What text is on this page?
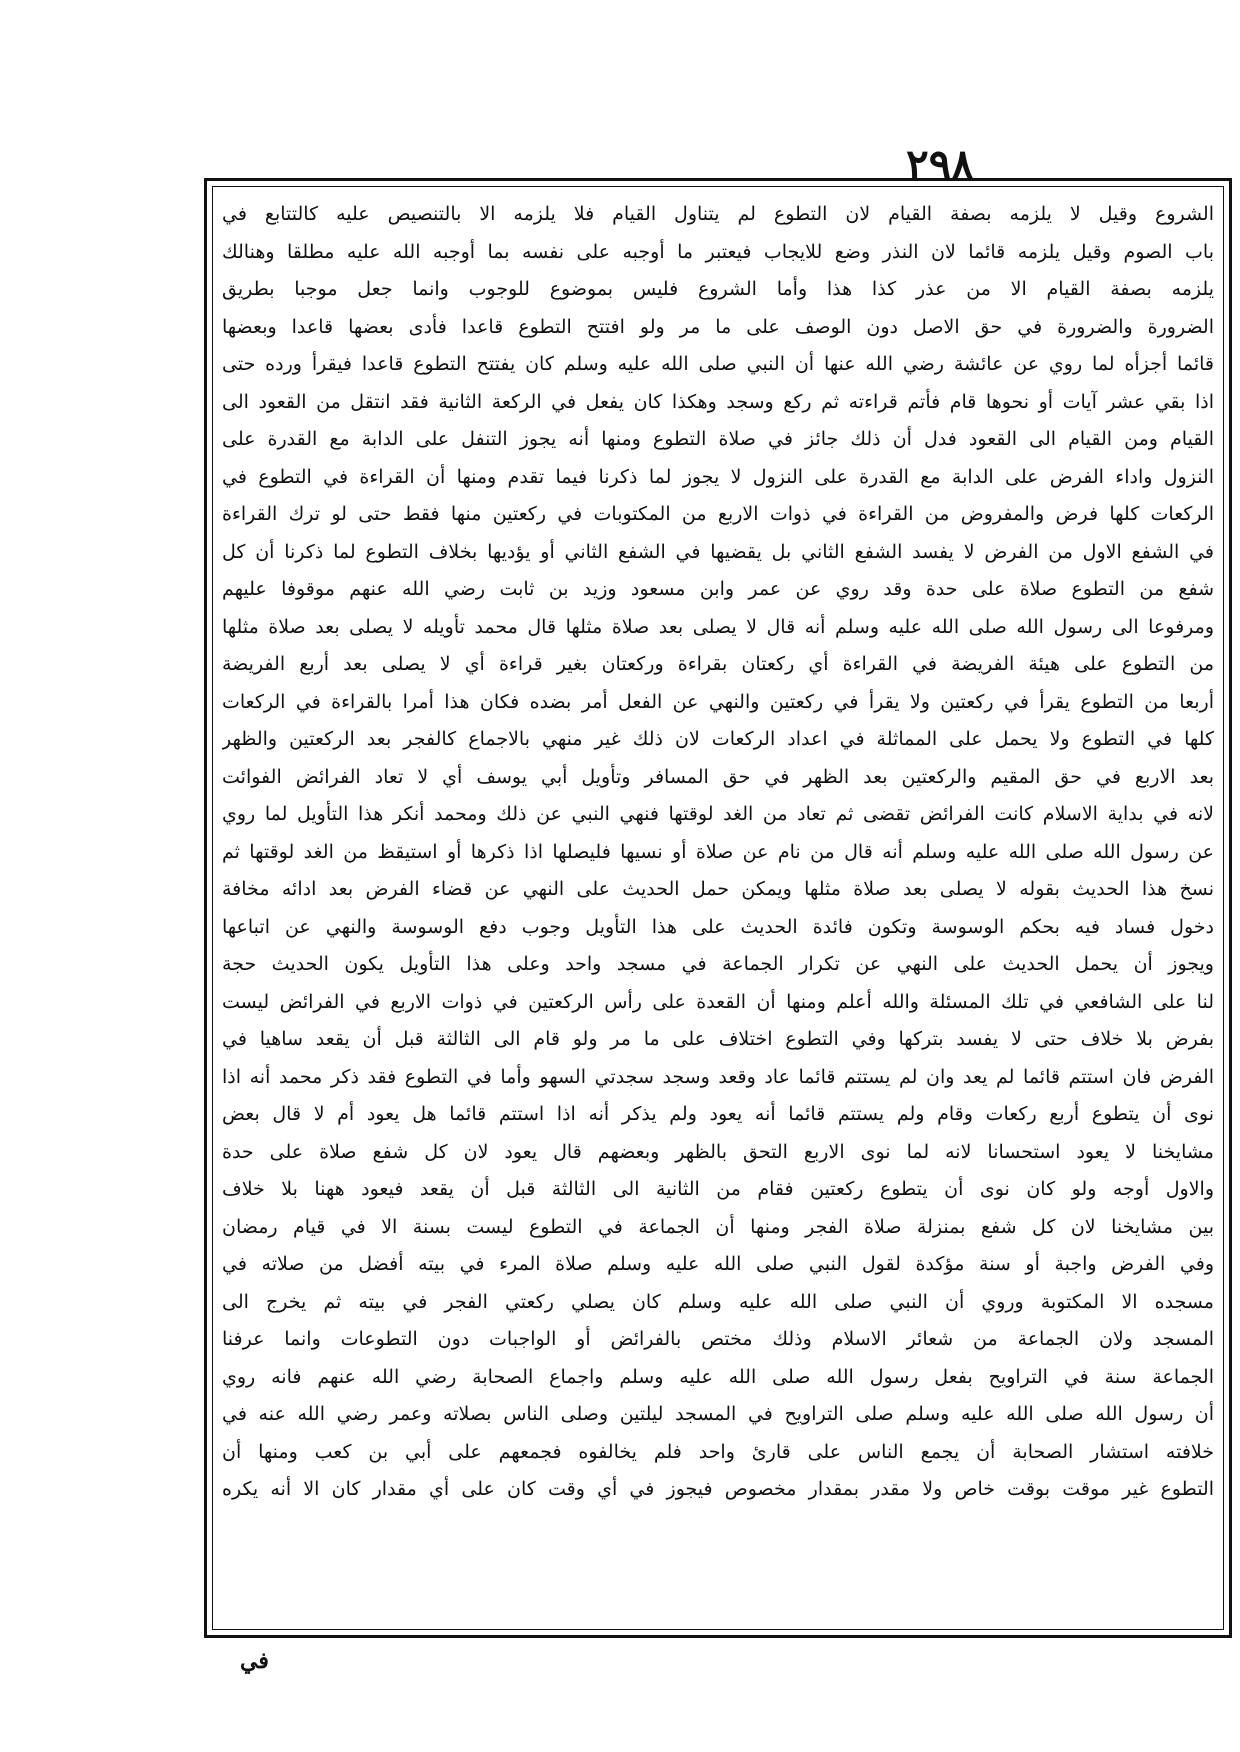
٢٩٨
الشروع وقيل لا يلزمه بصفة القيام لان التطوع لم يتناول القيام فلا يلزمه الا بالتنصيص عليه كالتتابع في
باب الصوم وقيل يلزمه قائما لان النذر وضع للايجاب فيعتبر ما أوجبه على نفسه بما أوجبه الله عليه مطلقا وهنالك
يلزمه بصفة القيام الا من عذر كذا هذا وأما الشروع فليس بموضوع للوجوب وانما جعل موجبا بطريق
الضرورة والضرورة في حق الاصل دون الوصف على ما مر ولو افتتح التطوع قاعدا فأدى بعضها قاعدا وبعضها
قائما أجزأه لما روي عن عائشة رضي الله عنها أن النبي صلى الله عليه وسلم كان يفتتح التطوع قاعدا فيقرأ ورده حتى
اذا بقي عشر آيات أو نحوها قام فأتم قراءته ثم ركع وسجد وهكذا كان يفعل في الركعة الثانية فقد انتقل من القعود الى
القيام ومن القيام الى القعود فدل أن ذلك جائز في صلاة التطوع ومنها أنه يجوز التنفل على الدابة مع القدرة على
النزول واداء الفرض على الدابة مع القدرة على النزول لا يجوز لما ذكرنا فيما تقدم ومنها أن القراءة في التطوع في
الركعات كلها فرض والمفروض من القراءة في ذوات الاربع من المكتوبات في ركعتين منها فقط حتى لو ترك القراءة
في الشفع الاول من الفرض لا يفسد الشفع الثاني بل يقضيها في الشفع الثاني أو يؤديها بخلاف التطوع لما ذكرنا أن كل
شفع من التطوع صلاة على حدة وقد روي عن عمر وابن مسعود وزيد بن ثابت رضي الله عنهم موقوفا عليهم
ومرفوعا الى رسول الله صلى الله عليه وسلم أنه قال لا يصلى بعد صلاة مثلها قال محمد تأويله لا يصلى بعد صلاة مثلها
من التطوع على هيئة الفريضة في القراءة أي ركعتان بقراءة وركعتان بغير قراءة أي لا يصلى بعد أربع الفريضة
أربعا من التطوع يقرأ في ركعتين ولا يقرأ في ركعتين والنهي عن الفعل أمر بضده فكان هذا أمرا بالقراءة في الركعات
كلها في التطوع ولا يحمل على المماثلة في اعداد الركعات لان ذلك غير منهي بالاجماع كالفجر بعد الركعتين والظهر
بعد الاربع في حق المقيم والركعتين بعد الظهر في حق المسافر وتأويل أبي يوسف أي لا تعاد الفرائض الفوائت
لانه في بداية الاسلام كانت الفرائض تقضى ثم تعاد من الغد لوقتها فنهي النبي عن ذلك ومحمد أنكر هذا التأويل لما روي
عن رسول الله صلى الله عليه وسلم أنه قال من نام عن صلاة أو نسيها فليصلها اذا ذكرها أو استيقظ من الغد لوقتها ثم
نسخ هذا الحديث بقوله لا يصلى بعد صلاة مثلها ويمكن حمل الحديث على النهي عن قضاء الفرض بعد ادائه مخافة
دخول فساد فيه بحكم الوسوسة وتكون فائدة الحديث على هذا التأويل وجوب دفع الوسوسة والنهي عن اتباعها
ويجوز أن يحمل الحديث على النهي عن تكرار الجماعة في مسجد واحد وعلى هذا التأويل يكون الحديث حجة
لنا على الشافعي في تلك المسئلة والله أعلم ومنها أن القعدة على رأس الركعتين في ذوات الاربع في الفرائض ليست
بفرض بلا خلاف حتى لا يفسد بتركها وفي التطوع اختلاف على ما مر ولو قام الى الثالثة قبل أن يقعد ساهيا في
الفرض فان استتم قائما لم يعد وان لم يستتم قائما عاد وقعد وسجد سجدتي السهو وأما في التطوع فقد ذكر محمد أنه اذا
نوى أن يتطوع أربع ركعات وقام ولم يستتم قائما أنه يعود ولم يذكر أنه اذا استتم قائما هل يعود أم لا قال بعض
مشايخنا لا يعود استحسانا لانه لما نوى الاربع التحق بالظهر وبعضهم قال يعود لان كل شفع صلاة على حدة
والاول أوجه ولو كان نوى أن يتطوع ركعتين فقام من الثانية الى الثالثة قبل أن يقعد فيعود ههنا بلا خلاف
بين مشايخنا لان كل شفع بمنزلة صلاة الفجر ومنها أن الجماعة في التطوع ليست بسنة الا في قيام رمضان
وفي الفرض واجبة أو سنة مؤكدة لقول النبي صلى الله عليه وسلم صلاة المرء في بيته أفضل من صلاته في
مسجده الا المكتوبة وروي أن النبي صلى الله عليه وسلم كان يصلي ركعتي الفجر في بيته ثم يخرج الى
المسجد ولان الجماعة من شعائر الاسلام وذلك مختص بالفرائض أو الواجبات دون التطوعات وانما عرفنا
الجماعة سنة في التراويح بفعل رسول الله صلى الله عليه وسلم واجماع الصحابة رضي الله عنهم فانه روي
أن رسول الله صلى الله عليه وسلم صلى التراويح في المسجد ليلتين وصلى الناس بصلاته وعمر رضي الله عنه في
خلافته استشار الصحابة أن يجمع الناس على قارئ واحد فلم يخالفوه فجمعهم على أبي بن كعب ومنها أن
التطوع غير موقت بوقت خاص ولا مقدر بمقدار مخصوص فيجوز في أي وقت كان على أي مقدار كان الا أنه يكره
في
